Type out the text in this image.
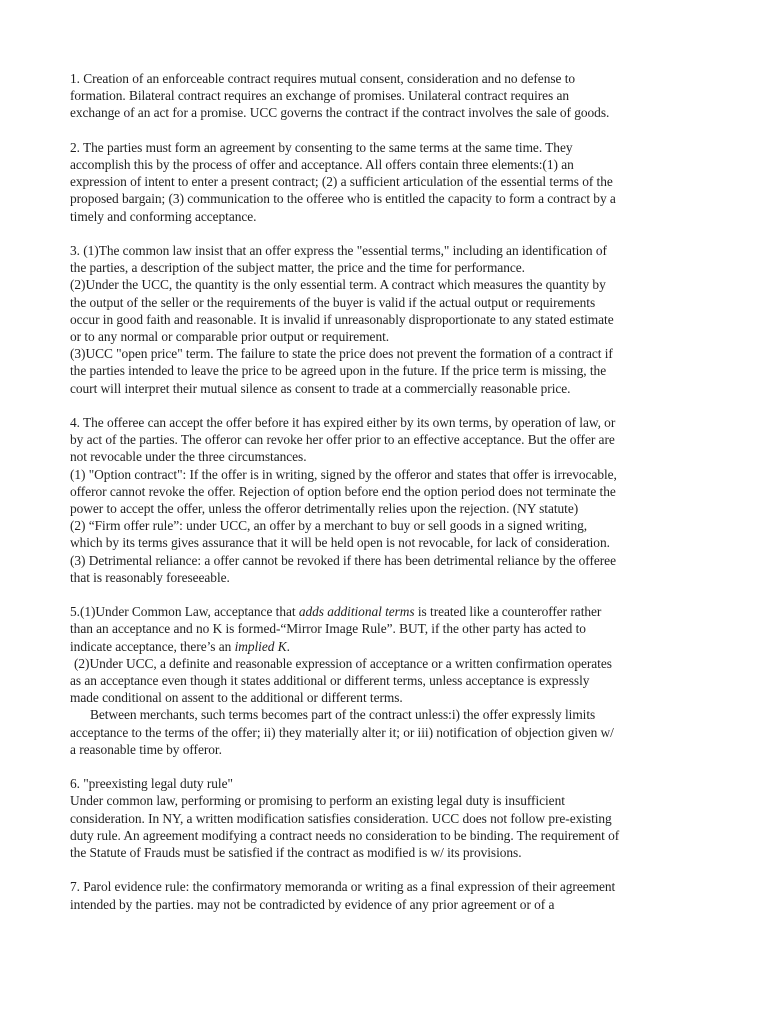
1. Creation of an enforceable contract requires mutual consent, consideration and no defense to
formation. Bilateral contract requires an exchange of promises. Unilateral contract requires an
exchange of an act for a promise. UCC governs the contract if the contract involves the sale of goods.
2. The parties must form an agreement by consenting to the same terms at the same time. They
accomplish this by the process of offer and acceptance. All offers contain three elements:(1) an
expression of intent to enter a present contract; (2) a sufficient articulation of the essential terms of the
proposed bargain; (3) communication to the offeree who is entitled the capacity to form a contract by a
timely and conforming acceptance.
3. (1)The common law insist that an offer express the "essential terms," including an identification of
the parties, a description of the subject matter, the price and the time for performance.
(2)Under the UCC, the quantity is the only essential term. A contract which measures the quantity by
the output of the seller or the requirements of the buyer is valid if the actual output or requirements
occur in good faith and reasonable. It is invalid if unreasonably disproportionate to any stated estimate
or to any normal or comparable prior output or requirement.
(3)UCC "open price" term. The failure to state the price does not prevent the formation of a contract if
the parties intended to leave the price to be agreed upon in the future. If the price term is missing, the
court will interpret their mutual silence as consent to trade at a commercially reasonable price.
4. The offeree can accept the offer before it has expired either by its own terms, by operation of law, or
by act of the parties. The offeror can revoke her offer prior to an effective acceptance. But the offer are
not revocable under the three circumstances.
(1) "Option contract": If the offer is in writing, signed by the offeror and states that offer is irrevocable,
offeror cannot revoke the offer. Rejection of option before end the option period does not terminate the
power to accept the offer, unless the offeror detrimentally relies upon the rejection. (NY statute)
(2) “Firm offer rule”: under UCC, an offer by a merchant to buy or sell goods in a signed writing,
which by its terms gives assurance that it will be held open is not revocable, for lack of consideration.
(3) Detrimental reliance: a offer cannot be revoked if there has been detrimental reliance by the offeree
that is reasonably foreseeable.
5.(1)Under Common Law, acceptance that adds additional terms is treated like a counteroffer rather
than an acceptance and no K is formed-“Mirror Image Rule”. BUT, if the other party has acted to
indicate acceptance, there’s an implied K.
(2)Under UCC, a definite and reasonable expression of acceptance or a written confirmation operates
as an acceptance even though it states additional or different terms, unless acceptance is expressly
made conditional on assent to the additional or different terms.
Between merchants, such terms becomes part of the contract unless:i) the offer expressly limits
acceptance to the terms of the offer; ii) they materially alter it; or iii) notification of objection given w/
a reasonable time by offeror.
6. "preexisting legal duty rule"
Under common law, performing or promising to perform an existing legal duty is insufficient
consideration. In NY, a written modification satisfies consideration. UCC does not follow pre-existing
duty rule. An agreement modifying a contract needs no consideration to be binding. The requirement of
the Statute of Frauds must be satisfied if the contract as modified is w/ its provisions.
7. Parol evidence rule: the confirmatory memoranda or writing as a final expression of their agreement
intended by the parties. may not be contradicted by evidence of any prior agreement or of a
